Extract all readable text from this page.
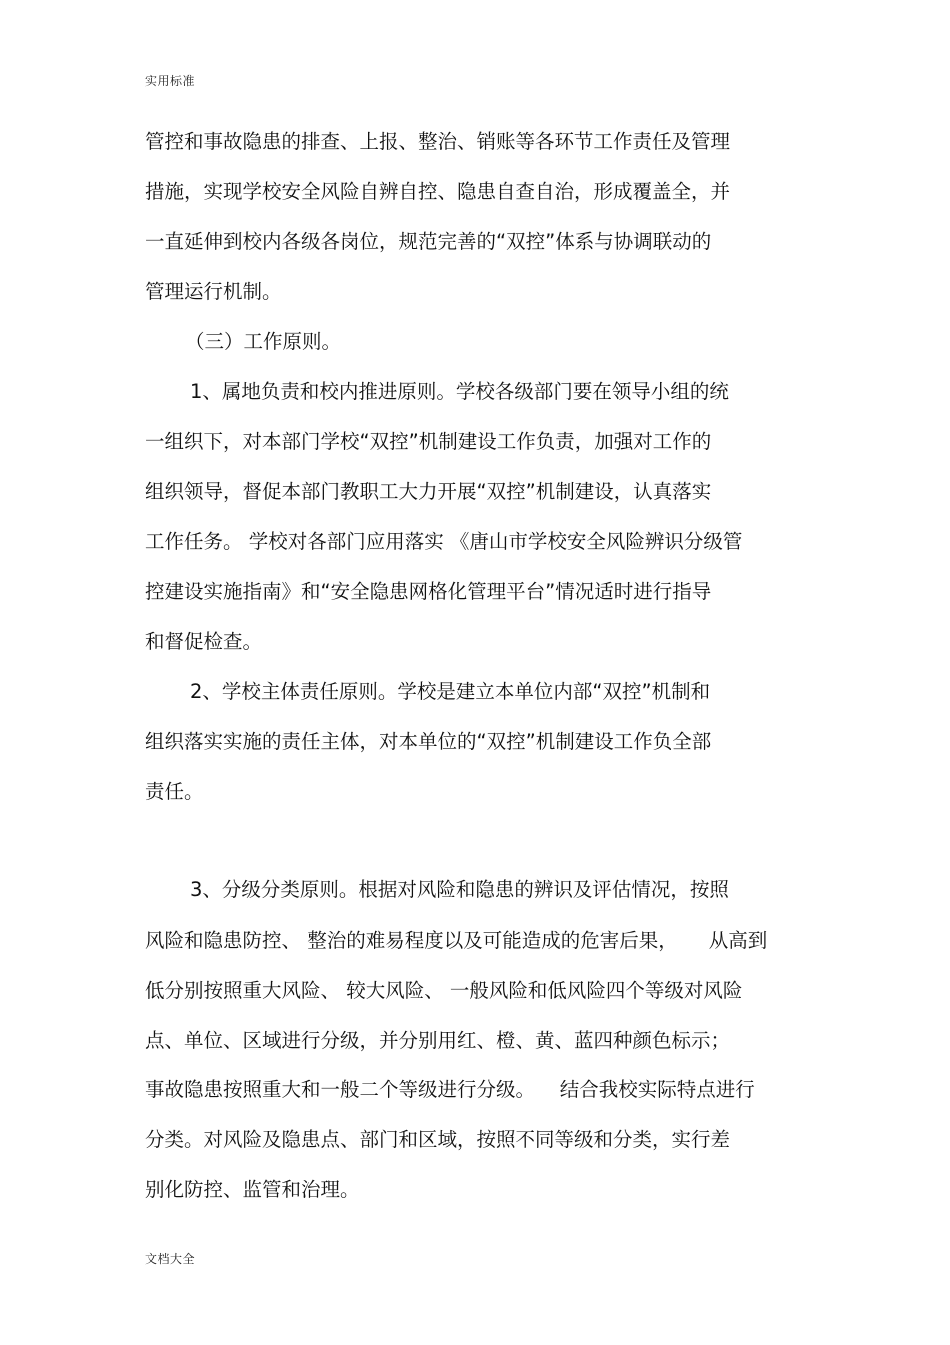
实用标准
管控和事故隐患的排查、上报、整治、销账等各环节工作责任及管理
措施，实现学校安全风险自辨自控、隐患自查自治，形成覆盖全，并
一直延伸到校内各级各岗位，规范完善的“双控”体系与协调联动的
管理运行机制。
（三）工作原则。
1、属地负责和校内推进原则。学校各级部门要在领导小组的统
一组织下，对本部门学校“双控”机制建设工作负责，加强对工作的
组织领导，督促本部门教职工大力开展“双控”机制建设，认真落实
工作任务。 学校对各部门应用落实 《唐山市学校安全风险辨识分级管
控建设实施指南》和“安全隐患网格化管理平台”情况适时进行指导
和督促检查。
2、学校主体责任原则。学校是建立本单位内部“双控”机制和
组织落实实施的责任主体，对本单位的“双控”机制建设工作负全部
责任。
3、分级分类原则。根据对风险和隐患的辨识及评估情况，按照
风险和隐患防控、 整治的难易程度以及可能造成的危害后果，     从高到
低分别按照重大风险、 较大风险、 一般风险和低风险四个等级对风险
点、单位、区域进行分级，并分别用红、橙、黄、蓝四种颜色标示；
事故隐患按照重大和一般二个等级进行分级。    结合我校实际特点进行
分类。对风险及隐患点、部门和区域，按照不同等级和分类，实行差
别化防控、监管和治理。
文档大全
